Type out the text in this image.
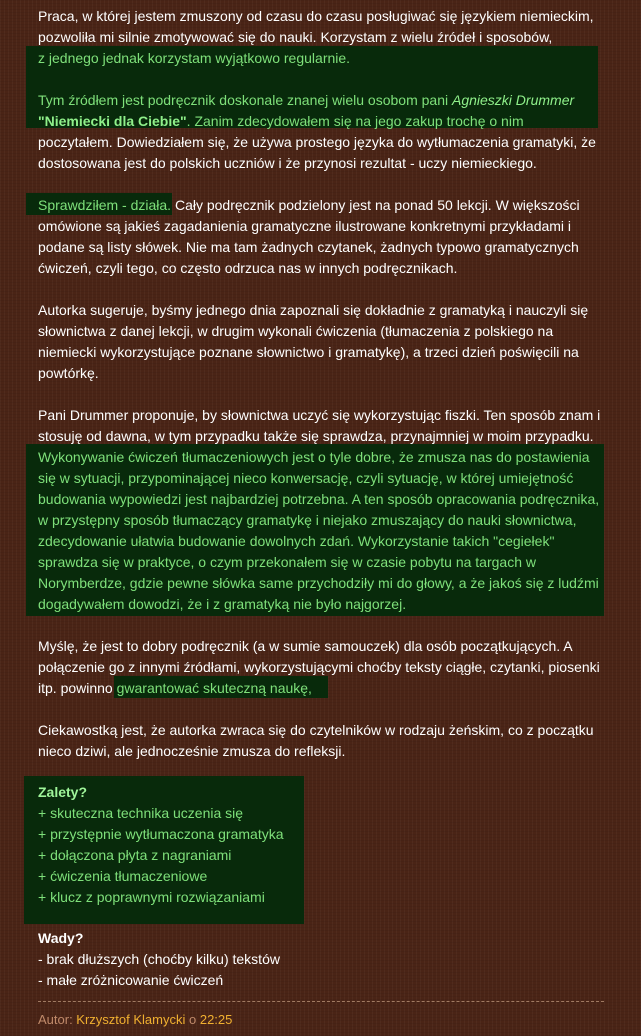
Praca, w której jestem zmuszony od czasu do czasu posługiwać się językiem niemieckim,

pozwoliła mi silnie zmotywować się do nauki. Korzystam z wielu źródeł i sposobów,

z jednego jednak korzystam wyjątkowo regularnie.

Tym źródłem jest podręcznik doskonale znanej wielu osobom pani Agnieszki Drummer

"Niemiecki dla Ciebie". Zanim zdecydowałem się na jego zakup trochę o nim

poczytałem. Dowiedziałem się, że używa prostego języka do wytłumaczenia gramatyki, że

dostosowana jest do polskich uczniów i że przynosi rezultat - uczy niemieckiego.

Sprawdziłem - działa. Cały podręcznik podzielony jest na ponad 50 lekcji. W większości

omówione są jakieś zagadanienia gramatyczne ilustrowane konkretnymi przykładami i

podane są listy słówek. Nie ma tam żadnych czytanek, żadnych typowo gramatycznych

ćwiczeń, czyli tego, co często odrzuca nas w innych podręcznikach.

Autorka sugeruje, byśmy jednego dnia zapoznali się dokładnie z gramatyką i nauczyli się

słownictwa z danej lekcji, w drugim wykonali ćwiczenia (tłumaczenia z polskiego na

niemiecki wykorzystujące poznane słownictwo i gramatykę), a trzeci dzień poświęcili na

powtórkę.

Pani Drummer proponuje, by słownictwa uczyć się wykorzystując fiszki. Ten sposób znam i

stosuję od dawna, w tym przypadku także się sprawdza, przynajmniej w moim przypadku.

Wykonywanie ćwiczeń tłumaczeniowych jest o tyle dobre, że zmusza nas do postawienia

się w sytuacji, przypominającej nieco konwersację, czyli sytuację, w której umiejętność

budowania wypowiedzi jest najbardziej potrzebna. A ten sposób opracowania podręcznika,

w przystępny sposób tłumaczący gramatykę i niejako zmuszający do nauki słownictwa,

zdecydowanie ułatwia budowanie dowolnych zdań. Wykorzystanie takich "cegiełek"

sprawdza się w praktyce, o czym przekonałem się w czasie pobytu na targach w

Norymberdze, gdzie pewne słówka same przychodziły mi do głowy, a że jakoś się z ludźmi

dogadywałem dowodzi, że i z gramatyką nie było najgorzej.

Myślę, że jest to dobry podręcznik (a w sumie samouczek) dla osób początkujących. A

połączenie go z innymi źródłami, wykorzystującymi choćby teksty ciągłe, czytanki, piosenki

itp. powinno gwarantować skuteczną naukę,

Ciekawostką jest, że autorka zwraca się do czytelników w rodzaju żeńskim, co z początku

nieco dziwi, ale jednocześnie zmusza do refleksji.

Zalety?
+ skuteczna technika uczenia się
+ przystępnie wytłumaczona gramatyka
+ dołączona płyta z nagraniami
+ ćwiczenia tłumaczeniowe
+ klucz z poprawnymi rozwiązaniami
Wady?
- brak dłuższych (choćby kilku) tekstów
- małe zróżnicowanie ćwiczeń
Autor: Krzysztof Klamycki o 22:25
